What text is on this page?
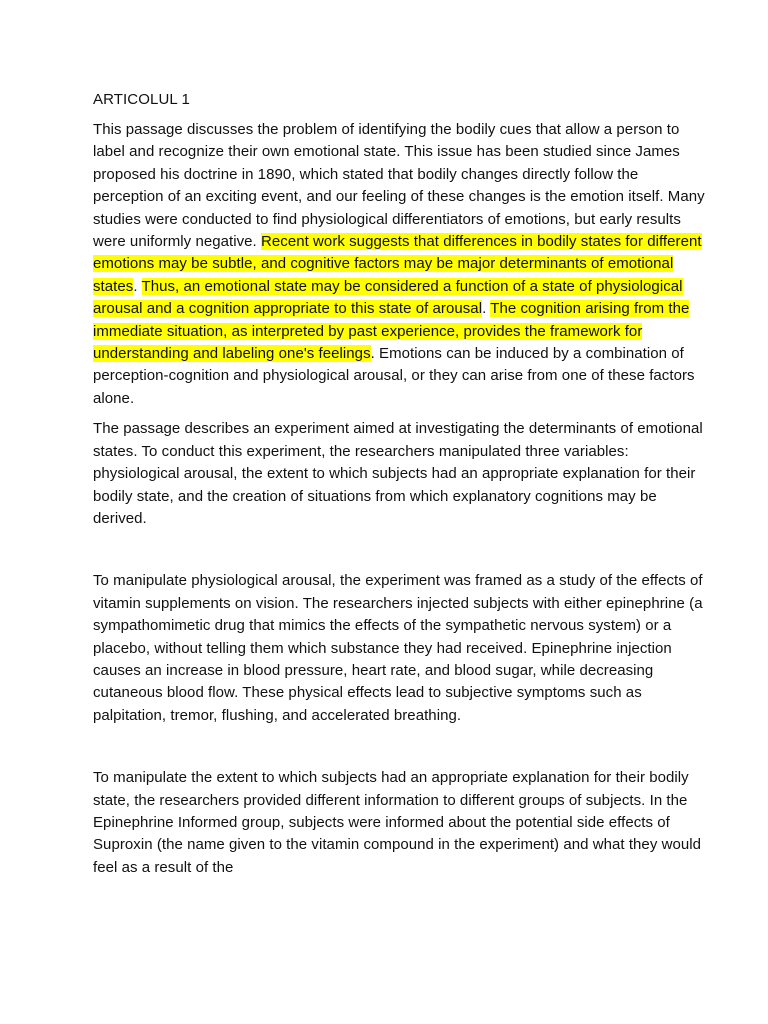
ARTICOLUL 1

This passage discusses the problem of identifying the bodily cues that allow a person to label and recognize their own emotional state. This issue has been studied since James proposed his doctrine in 1890, which stated that bodily changes directly follow the perception of an exciting event, and our feeling of these changes is the emotion itself. Many studies were conducted to find physiological differentiators of emotions, but early results were uniformly negative. Recent work suggests that differences in bodily states for different emotions may be subtle, and cognitive factors may be major determinants of emotional states. Thus, an emotional state may be considered a function of a state of physiological arousal and a cognition appropriate to this state of arousal. The cognition arising from the immediate situation, as interpreted by past experience, provides the framework for understanding and labeling one's feelings. Emotions can be induced by a combination of perception-cognition and physiological arousal, or they can arise from one of these factors alone.

The passage describes an experiment aimed at investigating the determinants of emotional states. To conduct this experiment, the researchers manipulated three variables: physiological arousal, the extent to which subjects had an appropriate explanation for their bodily state, and the creation of situations from which explanatory cognitions may be derived.

To manipulate physiological arousal, the experiment was framed as a study of the effects of vitamin supplements on vision. The researchers injected subjects with either epinephrine (a sympathomimetic drug that mimics the effects of the sympathetic nervous system) or a placebo, without telling them which substance they had received. Epinephrine injection causes an increase in blood pressure, heart rate, and blood sugar, while decreasing cutaneous blood flow. These physical effects lead to subjective symptoms such as palpitation, tremor, flushing, and accelerated breathing.

To manipulate the extent to which subjects had an appropriate explanation for their bodily state, the researchers provided different information to different groups of subjects. In the Epinephrine Informed group, subjects were informed about the potential side effects of Suproxin (the name given to the vitamin compound in the experiment) and what they would feel as a result of the
